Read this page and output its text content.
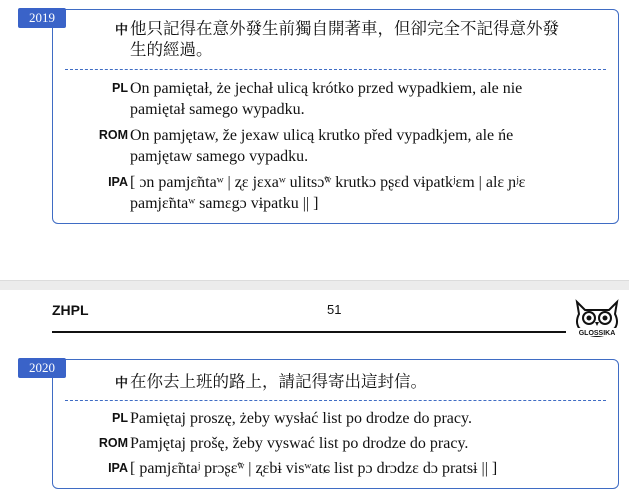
中 他只記得在意外發生前獨自開著車，但卻完全不記得意外發
生的經過。
PL On pamiętał, że jechał ulicą krótko przed wypadkiem, ale nie
pamiętał samego wypadku.
ROM On pamjętaw, že jexaw ulicą krutko před vypadkjem, ale ńe
pamjętaw samego vypadku.
IPA [ ɔn pamjɛ̃ntaʷ | ʐɛ jɛxaʷ ulitsɔ̃ʷ krutkɔ pʂɛd vɨpatkʲɛm | alɛ ɲʲɛ
pamjɛ̃ntaʷ samɛgɔ vɨpatku || ]
2019
ZHPL	51
GLOSSIKA
中 在你去上班的路上，請記得寄出這封信。
PL Pamiętaj proszę, żeby wysłać list po drodze do pracy.
ROM Pamjętaj prošę, žeby vyswać list po drodze do pracy.
IPA [ pamjɛ̃ntaʲ prɔʂɛ̃ʷ | ʐɛbɨ visʷatɕ list pɔ drɔdzɛ dɔ pratsɨ || ]
2020
